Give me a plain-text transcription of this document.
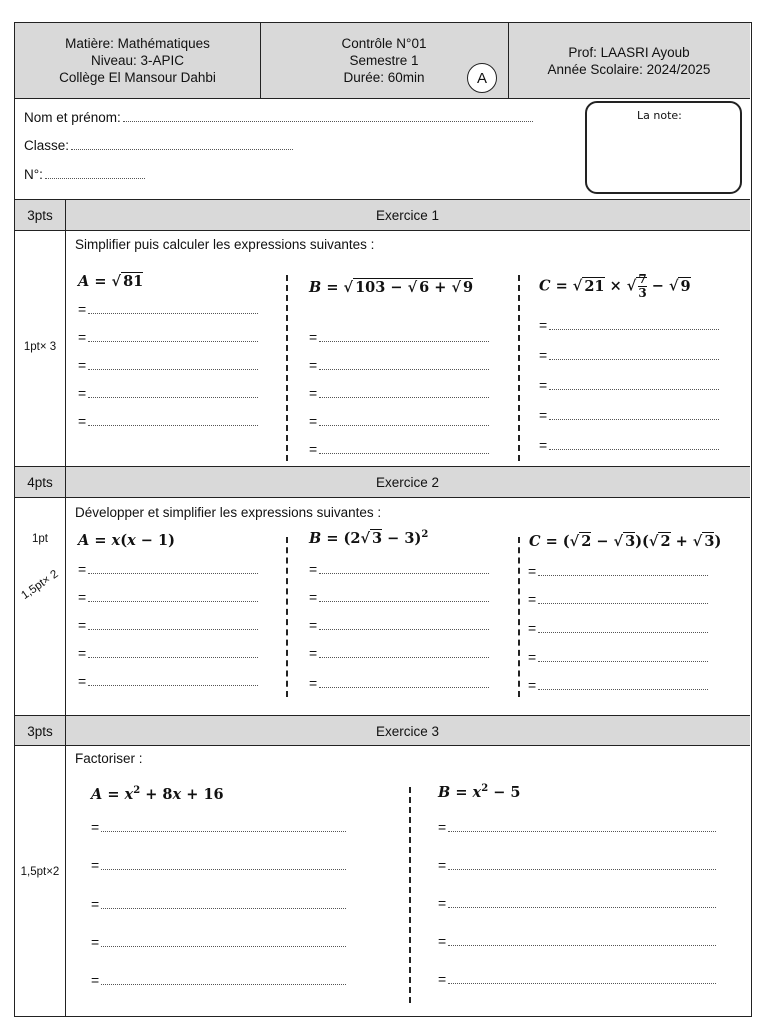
Matière: Mathématiques
Niveau: 3-APIC
Collège El Mansour Dahbi
Contrôle N°01
Semestre 1
Durée: 60min	A
Prof: LAASRI Ayoub
Année Scolaire: 2024/2025
Nom et prénom:
Classe:
N°:
La note:
3pts	Exercice 1
1pt× 3
Simplifier puis calculer les expressions suivantes :
A = √ 81	B = √ 103 − √ 6 + √ 9	C = √ 21 × √ $\frac{7}{3}$ − √ 9
=
=
=
=
=
=
=
=
=
=
=
=
=
=
=
4pts	Exercice 2
1pt
1,5pt× 2
Développer et simplifier les expressions suivantes :
A = x(x − 1)	B = (2√ 3 − 3)$^2$	C = (√ 2 − √ 3)(√ 2 + √ 3)
=
=
=
=
=
=
=
=
=
=
=
=
=
=
=
3pts	Exercice 3
1,5pt×2
Factoriser :
$A = x^2 + 8x + 16$	$B = x^2 - 5$
=
=
=
=
=
=
=
=
=
=
